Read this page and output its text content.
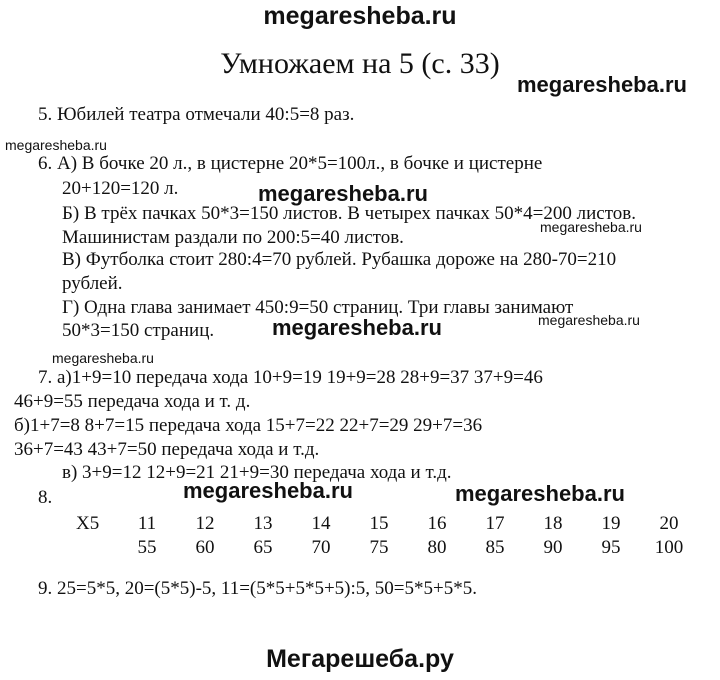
megaresheba.ru
Умножаем на 5 (с. 33)
megaresheba.ru
5. Юбилей театра отмечали 40:5=8 раз.
megaresheba.ru
6. А) В бочке 20 л., в цистерне 20*5=100л., в бочке и цистерне
20+120=120 л.	megaresheba.ru
Б) В трёх пачках 50*3=150 листов. В четырех пачках 50*4=200 листов.
Машинистам раздали по 200:5=40 листов.	megaresheba.ru
В) Футболка стоит 280:4=70 рублей. Рубашка дороже на 280-70=210
рублей.
Г) Одна глава занимает 450:9=50 страниц. Три главы занимают
50*3=150 страниц.	megaresheba.ru	megaresheba.ru
megaresheba.ru
7. а)1+9=10 передача хода 10+9=19 19+9=28 28+9=37 37+9=46
46+9=55 передача хода и т. д.
б)1+7=8 8+7=15 передача хода 15+7=22 22+7=29 29+7=36
36+7=43 43+7=50 передача хода и т.д.
в) 3+9=12 12+9=21 21+9=30 передача хода и т.д.
8.	megaresheba.ru	megaresheba.ru
X5	11	12	13	14	15	16	17	18	19	20
	55	60	65	70	75	80	85	90	95	100
9. 25=5*5, 20=(5*5)-5, 11=(5*5+5*5+5):5, 50=5*5+5*5.
Мегарешеба.ру
